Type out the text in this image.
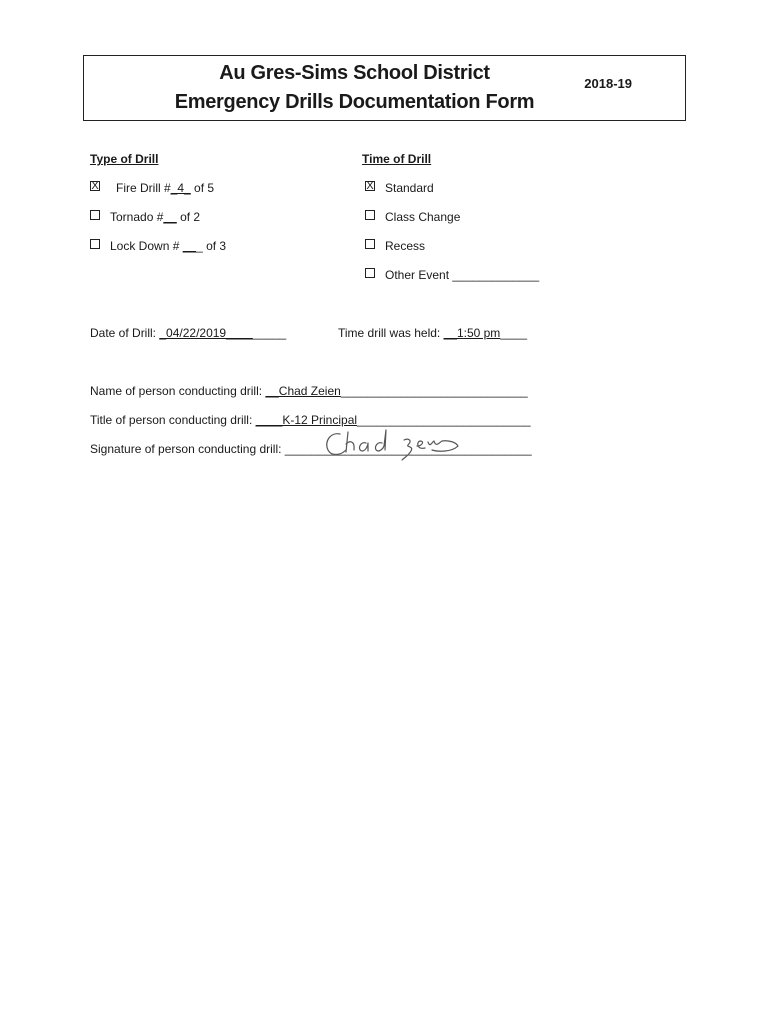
Au Gres-Sims School District
Emergency Drills Documentation Form
2018-19
Type of Drill	Time of Drill
X Fire Drill #_4_ of 5
Tornado #__ of 2
Lock Down # ___ of 3
X Standard
Class Change
Recess
Other Event _____________
Date of Drill: _04/22/2019_________	Time drill was held: __1:50 pm____
Name of person conducting drill: __Chad Zeien____________________________
Title of person conducting drill: ____K-12 Principal__________________________
Signature of person conducting drill: _____________________________________
